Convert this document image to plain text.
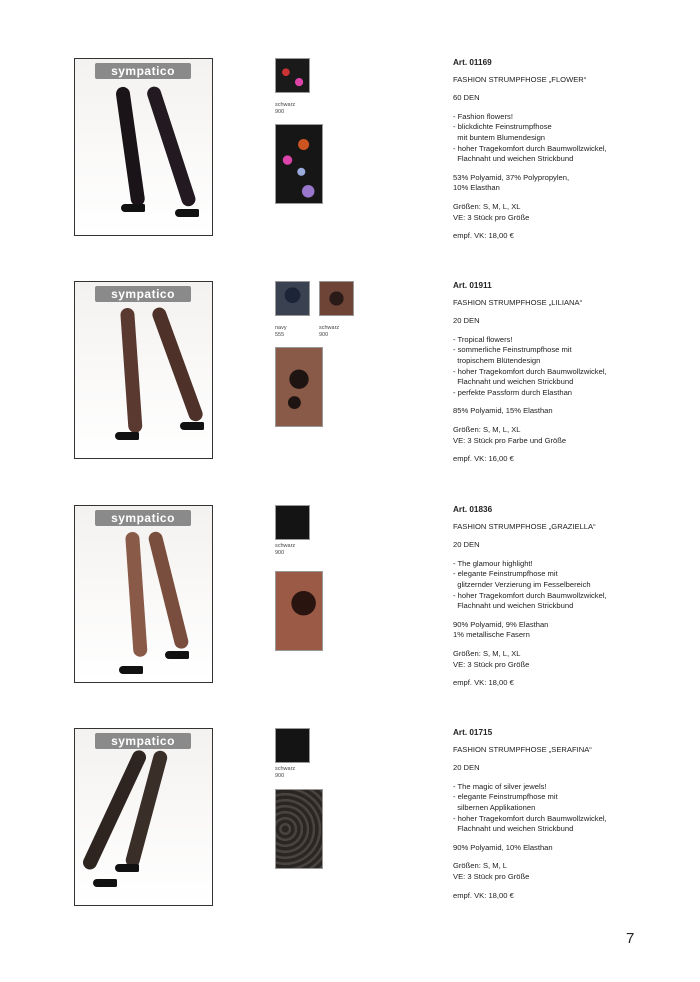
sympatico
schwarz
900

Art. 01169

FASHION STRUMPFHOSE „FLOWER“

60 DEN

- Fashion flowers!
- blickdichte Feinstrumpfhose
mit buntem Blumendesign
- hoher Tragekomfort durch Baumwollzwickel,
Flachnaht und weichen Strickbund

53% Polyamid, 37% Polypropylen,
10% Elasthan

Größen: S, M, L, XL
VE: 3 Stück pro Größe

empf. VK: 18,00 €

sympatico
navy
555
schwarz
900

Art. 01911

FASHION STRUMPFHOSE „LILIANA“

20 DEN

- Tropical flowers!
- sommerliche Feinstrumpfhose mit
tropischem Blütendesign
- hoher Tragekomfort durch Baumwollzwickel,
Flachnaht und weichen Strickbund
- perfekte Passform durch Elasthan

85% Polyamid, 15% Elasthan

Größen: S, M, L, XL
VE: 3 Stück pro Farbe und Größe

empf. VK: 16,00 €

sympatico
schwarz
900

Art. 01836

FASHION STRUMPFHOSE „GRAZIELLA“

20 DEN

- The glamour highlight!
- elegante Feinstrumpfhose mit
glitzernder Verzierung im Fesselbereich
- hoher Tragekomfort durch Baumwollzwickel,
Flachnaht und weichen Strickbund

90% Polyamid, 9% Elasthan
1% metallische Fasern

Größen: S, M, L, XL
VE: 3 Stück pro Größe

empf. VK: 18,00 €

sympatico
schwarz
900

Art. 01715

FASHION STRUMPFHOSE „SERAFINA“

20 DEN

- The magic of silver jewels!
- elegante Feinstrumpfhose mit
silbernen Applikationen
- hoher Tragekomfort durch Baumwollzwickel,
Flachnaht und weichen Strickbund

90% Polyamid, 10% Elasthan

Größen: S, M, L
VE: 3 Stück pro Größe

empf. VK: 18,00 €

7
